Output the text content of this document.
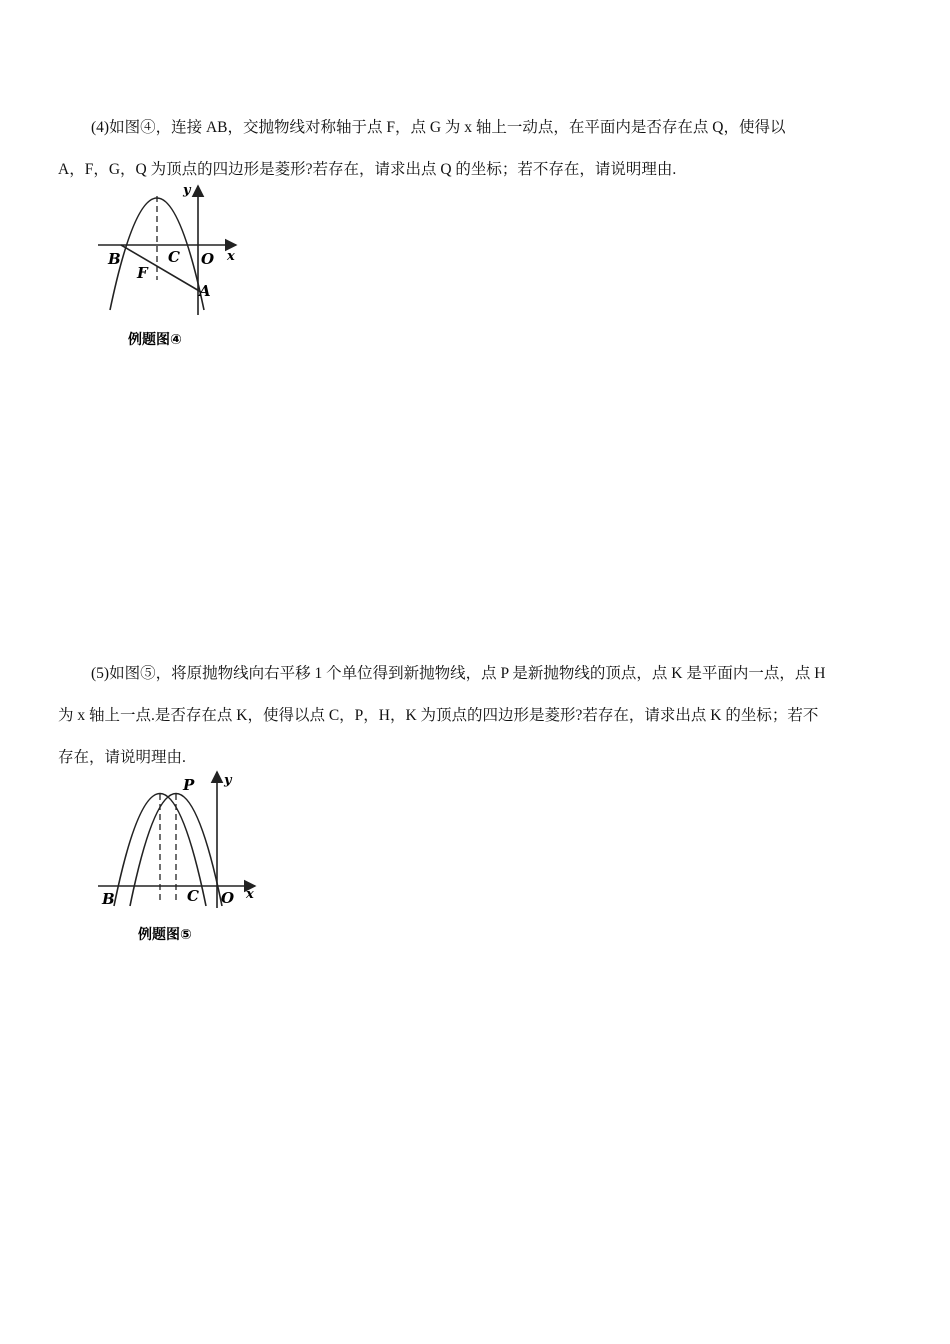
(4)如图④，连接 AB，交抛物线对称轴于点 F，点 G 为 x 轴上一动点，在平面内是否存在点 Q，使得以
A，F，G，Q 为顶点的四边形是菱形?若存在，请求出点 Q 的坐标；若不存在，请说明理由.

y
x
B	C O
F
A
例题图④

(5)如图⑤，将原抛物线向右平移 1 个单位得到新抛物线，点 P 是新抛物线的顶点，点 K 是平面内一点，点 H
为 x 轴上一点.是否存在点 K，使得以点 C，P，H，K 为顶点的四边形是菱形?若存在，请求出点 K 的坐标；若不
存在，请说明理由.

y
P
x
B	C O
例题图⑤
